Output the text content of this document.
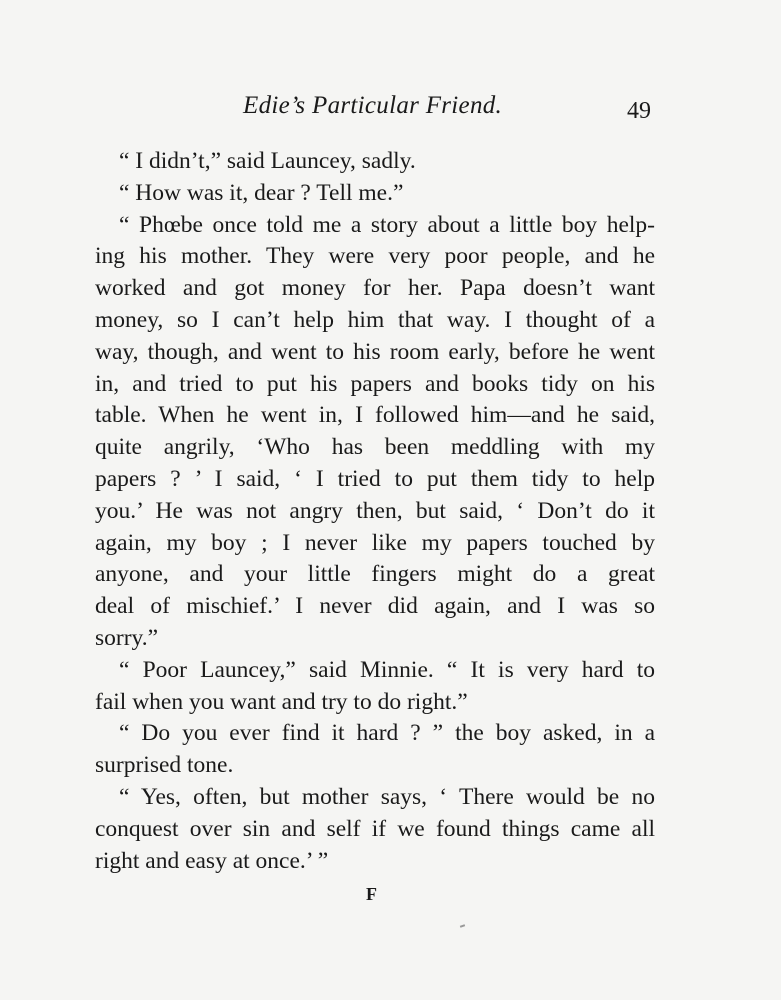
Edie’s Particular Friend.	49
“ I didn’t,” said Launcey, sadly.
“ How was it, dear ? Tell me.”
“ Phœbe once told me a story about a little boy help-
ing his mother. They were very poor people, and he
worked and got money for her. Papa doesn’t want
money, so I can’t help him that way. I thought of a
way, though, and went to his room early, before he went
in, and tried to put his papers and books tidy on his
table. When he went in, I followed him—and he said,
quite angrily, ‘Who has been meddling with my
papers ? ’ I said, ‘ I tried to put them tidy to help
you.’ He was not angry then, but said, ‘ Don’t do it
again, my boy ; I never like my papers touched by
anyone, and your little fingers might do a great
deal of mischief.’ I never did again, and I was so
sorry.”
“ Poor Launcey,” said Minnie. “ It is very hard to
fail when you want and try to do right.”
“ Do you ever find it hard ? ” the boy asked, in a
surprised tone.
“ Yes, often, but mother says, ‘ There would be no
conquest over sin and self if we found things came all
right and easy at once.’ ”
F
